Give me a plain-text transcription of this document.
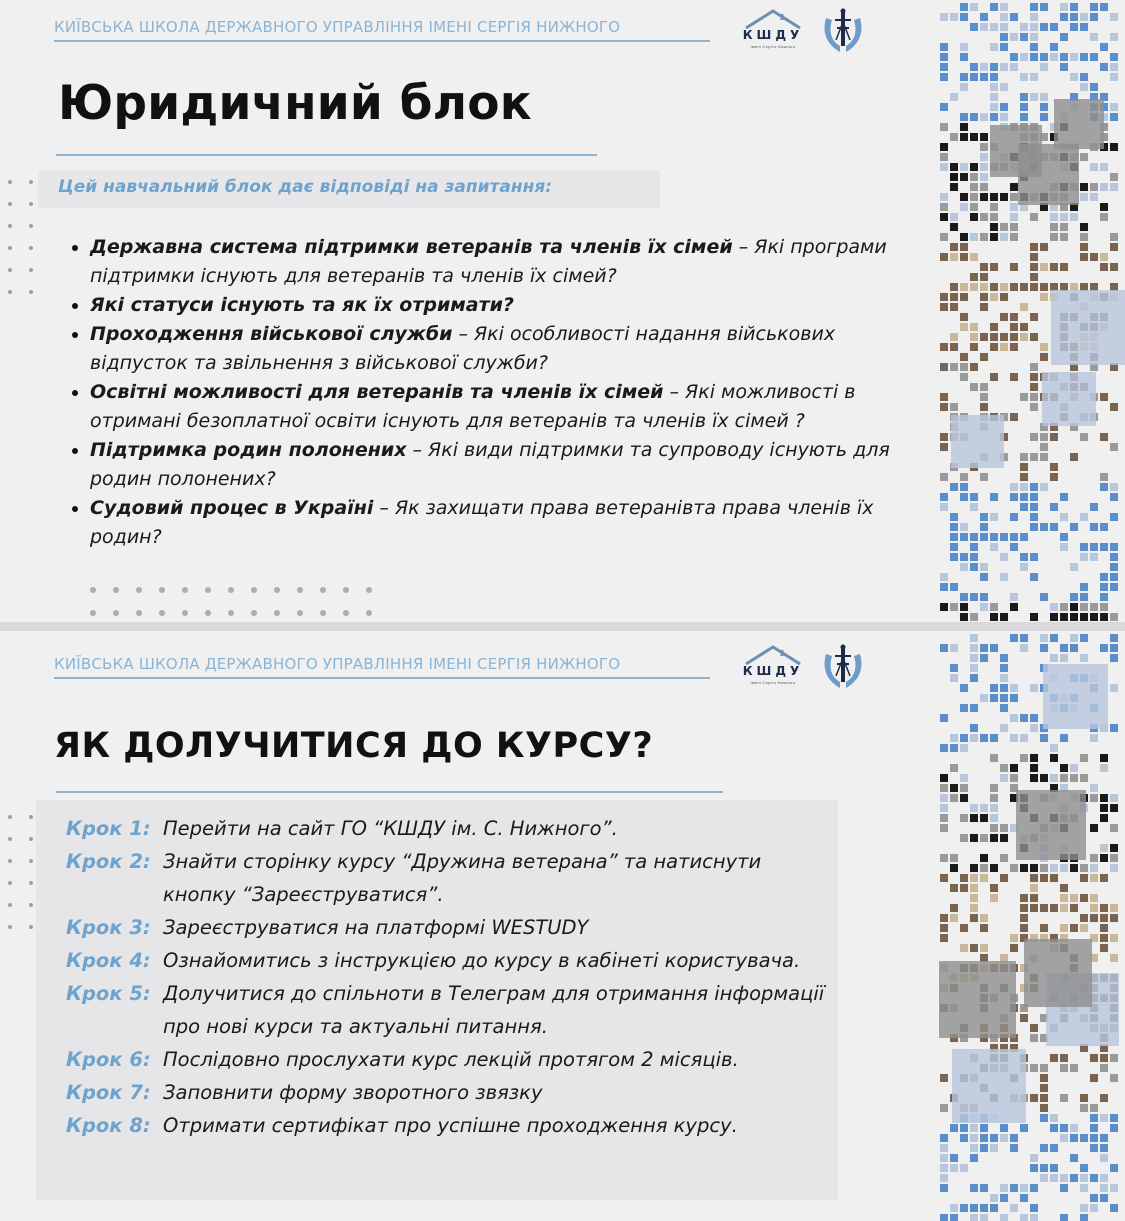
КИЇВСЬКА ШКОЛА ДЕРЖАВНОГО УПРАВЛІННЯ ІМЕНІ СЕРГІЯ НИЖНОГО	КШДУ
імені Сергія Нижного
Юридичний блок
Цей навчальний блок дає відповіді на запитання:
Державна система підтримки ветеранів та членів їх сімей – Які програми підтримки існують для ветеранів та членів їх сімей?
Які статуси існують та як їх отримати?
Проходження військової служби – Які особливості надання військових відпусток та звільнення з військової служби?
Освітні можливості для ветеранів та членів їх сімей – Які можливості в отримані безоплатної освіти існують для ветеранів та членів їх сімей ?
Підтримка родин полонених – Які види підтримки та супроводу існують для родин полонених?
Судовий процес в Україні – Як захищати права ветеранівта права членів їх родин?
КИЇВСЬКА ШКОЛА ДЕРЖАВНОГО УПРАВЛІННЯ ІМЕНІ СЕРГІЯ НИЖНОГО	КШДУ
імені Сергія Нижного
ЯК ДОЛУЧИТИСЯ ДО КУРСУ?
Крок 1: Перейти на сайт ГО “КШДУ ім. С. Нижного”.
Крок 2: Знайти сторінку курсу “Дружина ветерана” та натиснути кнопку “Зареєструватися”.
Крок 3: Зареєструватися на платформі WESTUDY
Крок 4: Ознайомитись з інструкцією до курсу в кабінеті користувача.
Крок 5: Долучитися до спільноти в Телеграм для отримання інформації про нові курси та актуальні питання.
Крок 6: Послідовно прослухати курс лекцій протягом 2 місяців.
Крок 7: Заповнити форму зворотного звязку
Крок 8: Отримати сертифікат про успішне проходження курсу.
